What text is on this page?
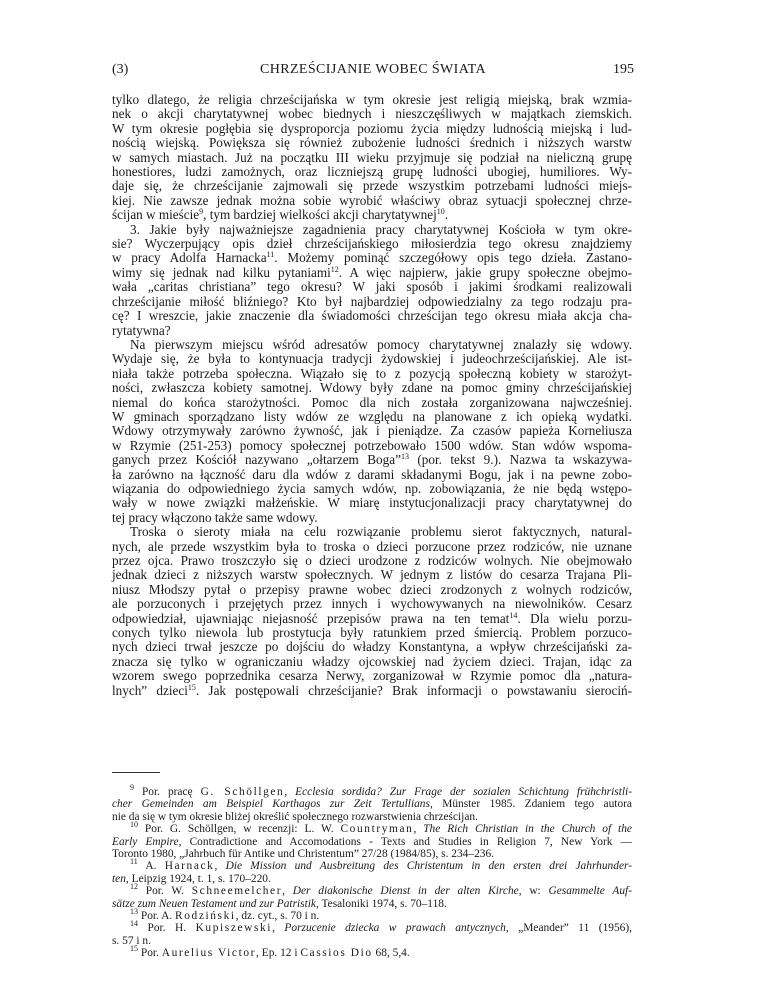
(3)	CHRZEŚCIJANIE WOBEC ŚWIATA	195
tylko dlatego, że religia chrześcijańska w tym okresie jest religią miejską, brak wzmia-
nek o akcji charytatywnej wobec biednych i nieszczęśliwych w majątkach ziemskich.
W tym okresie pogłębia się dysproporcja poziomu życia między ludnością miejską i lud-
nością wiejską. Powiększa się również zubożenie ludności średnich i niższych warstw
w samych miastach. Już na początku III wieku przyjmuje się podział na nieliczną grupę
honestiores, ludzi zamożnych, oraz liczniejszą grupę ludności ubogiej, humiliores. Wy-
daje się, że chrześcijanie zajmowali się przede wszystkim potrzebami ludności miejs-
kiej. Nie zawsze jednak można sobie wyrobić właściwy obraz sytuacji społecznej chrze-
ścijan w mieście$^9$, tym bardziej wielkości akcji charytatywnej$^{10}$.
3. Jakie były najważniejsze zagadnienia pracy charytatywnej Kościoła w tym okre-
sie? Wyczerpujący opis dzieł chrześcijańskiego miłosierdzia tego okresu znajdziemy
w pracy Adolfa Harnacka$^{11}$. Możemy pominąć szczegółowy opis tego dzieła. Zastano-
wimy się jednak nad kilku pytaniami$^{12}$. A więc najpierw, jakie grupy społeczne obejmo-
wała „caritas christiana” tego okresu? W jaki sposób i jakimi środkami realizowali
chrześcijanie miłość bliźniego? Kto był najbardziej odpowiedzialny za tego rodzaju pra-
cę? I wreszcie, jakie znaczenie dla świadomości chrześcijan tego okresu miała akcja cha-
rytatywna?
Na pierwszym miejscu wśród adresatów pomocy charytatywnej znalazły się wdowy.
Wydaje się, że była to kontynuacja tradycji żydowskiej i judeochrześcijańskiej. Ale ist-
niała także potrzeba społeczna. Wiązało się to z pozycją społeczną kobiety w starożyt-
ności, zwłaszcza kobiety samotnej. Wdowy były zdane na pomoc gminy chrześcijańskiej
niemal do końca starożytności. Pomoc dla nich została zorganizowana najwcześniej.
W gminach sporządzano listy wdów ze względu na planowane z ich opieką wydatki.
Wdowy otrzymywały zarówno żywność, jak i pieniądze. Za czasów papieża Korneliusza
w Rzymie (251-253) pomocy społecznej potrzebowało 1500 wdów. Stan wdów wspoma-
ganych przez Kościół nazywano „ołtarzem Boga”$^{13}$ (por. tekst 9.). Nazwa ta wskazywa-
ła zarówno na łączność daru dla wdów z darami składanymi Bogu, jak i na pewne zobo-
wiązania do odpowiedniego życia samych wdów, np. zobowiązania, że nie będą wstępo-
wały w nowe związki małżeńskie. W miarę instytucjonalizacji pracy charytatywnej do
tej pracy włączono także same wdowy.
Troska o sieroty miała na celu rozwiązanie problemu sierot faktycznych, natural-
nych, ale przede wszystkim była to troska o dzieci porzucone przez rodziców, nie uznane
przez ojca. Prawo troszczyło się o dzieci urodzone z rodziców wolnych. Nie obejmowało
jednak dzieci z niższych warstw społecznych. W jednym z listów do cesarza Trajana Pli-
niusz Młodszy pytał o przepisy prawne wobec dzieci zrodzonych z wolnych rodziców,
ale porzuconych i przejętych przez innych i wychowywanych na niewolników. Cesarz
odpowiedział, ujawniając niejasność przepisów prawa na ten temat$^{14}$. Dla wielu porzu-
conych tylko niewola lub prostytucja były ratunkiem przed śmiercią. Problem porzuco-
nych dzieci trwał jeszcze po dojściu do władzy Konstantyna, a wpływ chrześcijański za-
znacza się tylko w ograniczaniu władzy ojcowskiej nad życiem dzieci. Trajan, idąc za
wzorem swego poprzednika cesarza Nerwy, zorganizował w Rzymie pomoc dla „natura-
lnych” dzieci$^{15}$. Jak postępowali chrześcijanie? Brak informacji o powstawaniu sierociń-
$^9$ Por. pracę G. Schöllgen, Ecclesia sordida? Zur Frage der sozialen Schichtung frühchristli-
cher Gemeinden am Beispiel Karthagos zur Zeit Tertullians, Münster 1985. Zdaniem tego autora
nie da się w tym okresie bliżej określić społecznego rozwarstwienia chrześcijan.
$^{10}$ Por. G. Schöllgen, w recenzji: L. W. Countryman, The Rich Christian in the Church of the
Early Empire, Contradictione and Accomodations - Texts and Studies in Religion 7, New York —
Toronto 1980, „Jahrbuch für Antike und Christentum” 27/28 (1984/85), s. 234–236.
$^{11}$ A. Harnack, Die Mission und Ausbreitung des Christentum in den ersten drei Jahrhunder-
ten, Leipzig 1924, t. 1, s. 170–220.
$^{12}$ Por. W. Schneemelcher, Der diakonische Dienst in der alten Kirche, w: Gesammelte Auf-
sätze zum Neuen Testament und zur Patristik, Tesaloniki 1974, s. 70–118.
$^{13}$ Por. A. Rodziński, dz. cyt., s. 70 i n.
$^{14}$ Por. H. Kupiszewski, Porzucenie dziecka w prawach antycznych, „Meander” 11 (1956),
s. 57 i n.
$^{15}$ Por. Aurelius Victor, Ep. 12 i Cassios Dio 68, 5,4.
